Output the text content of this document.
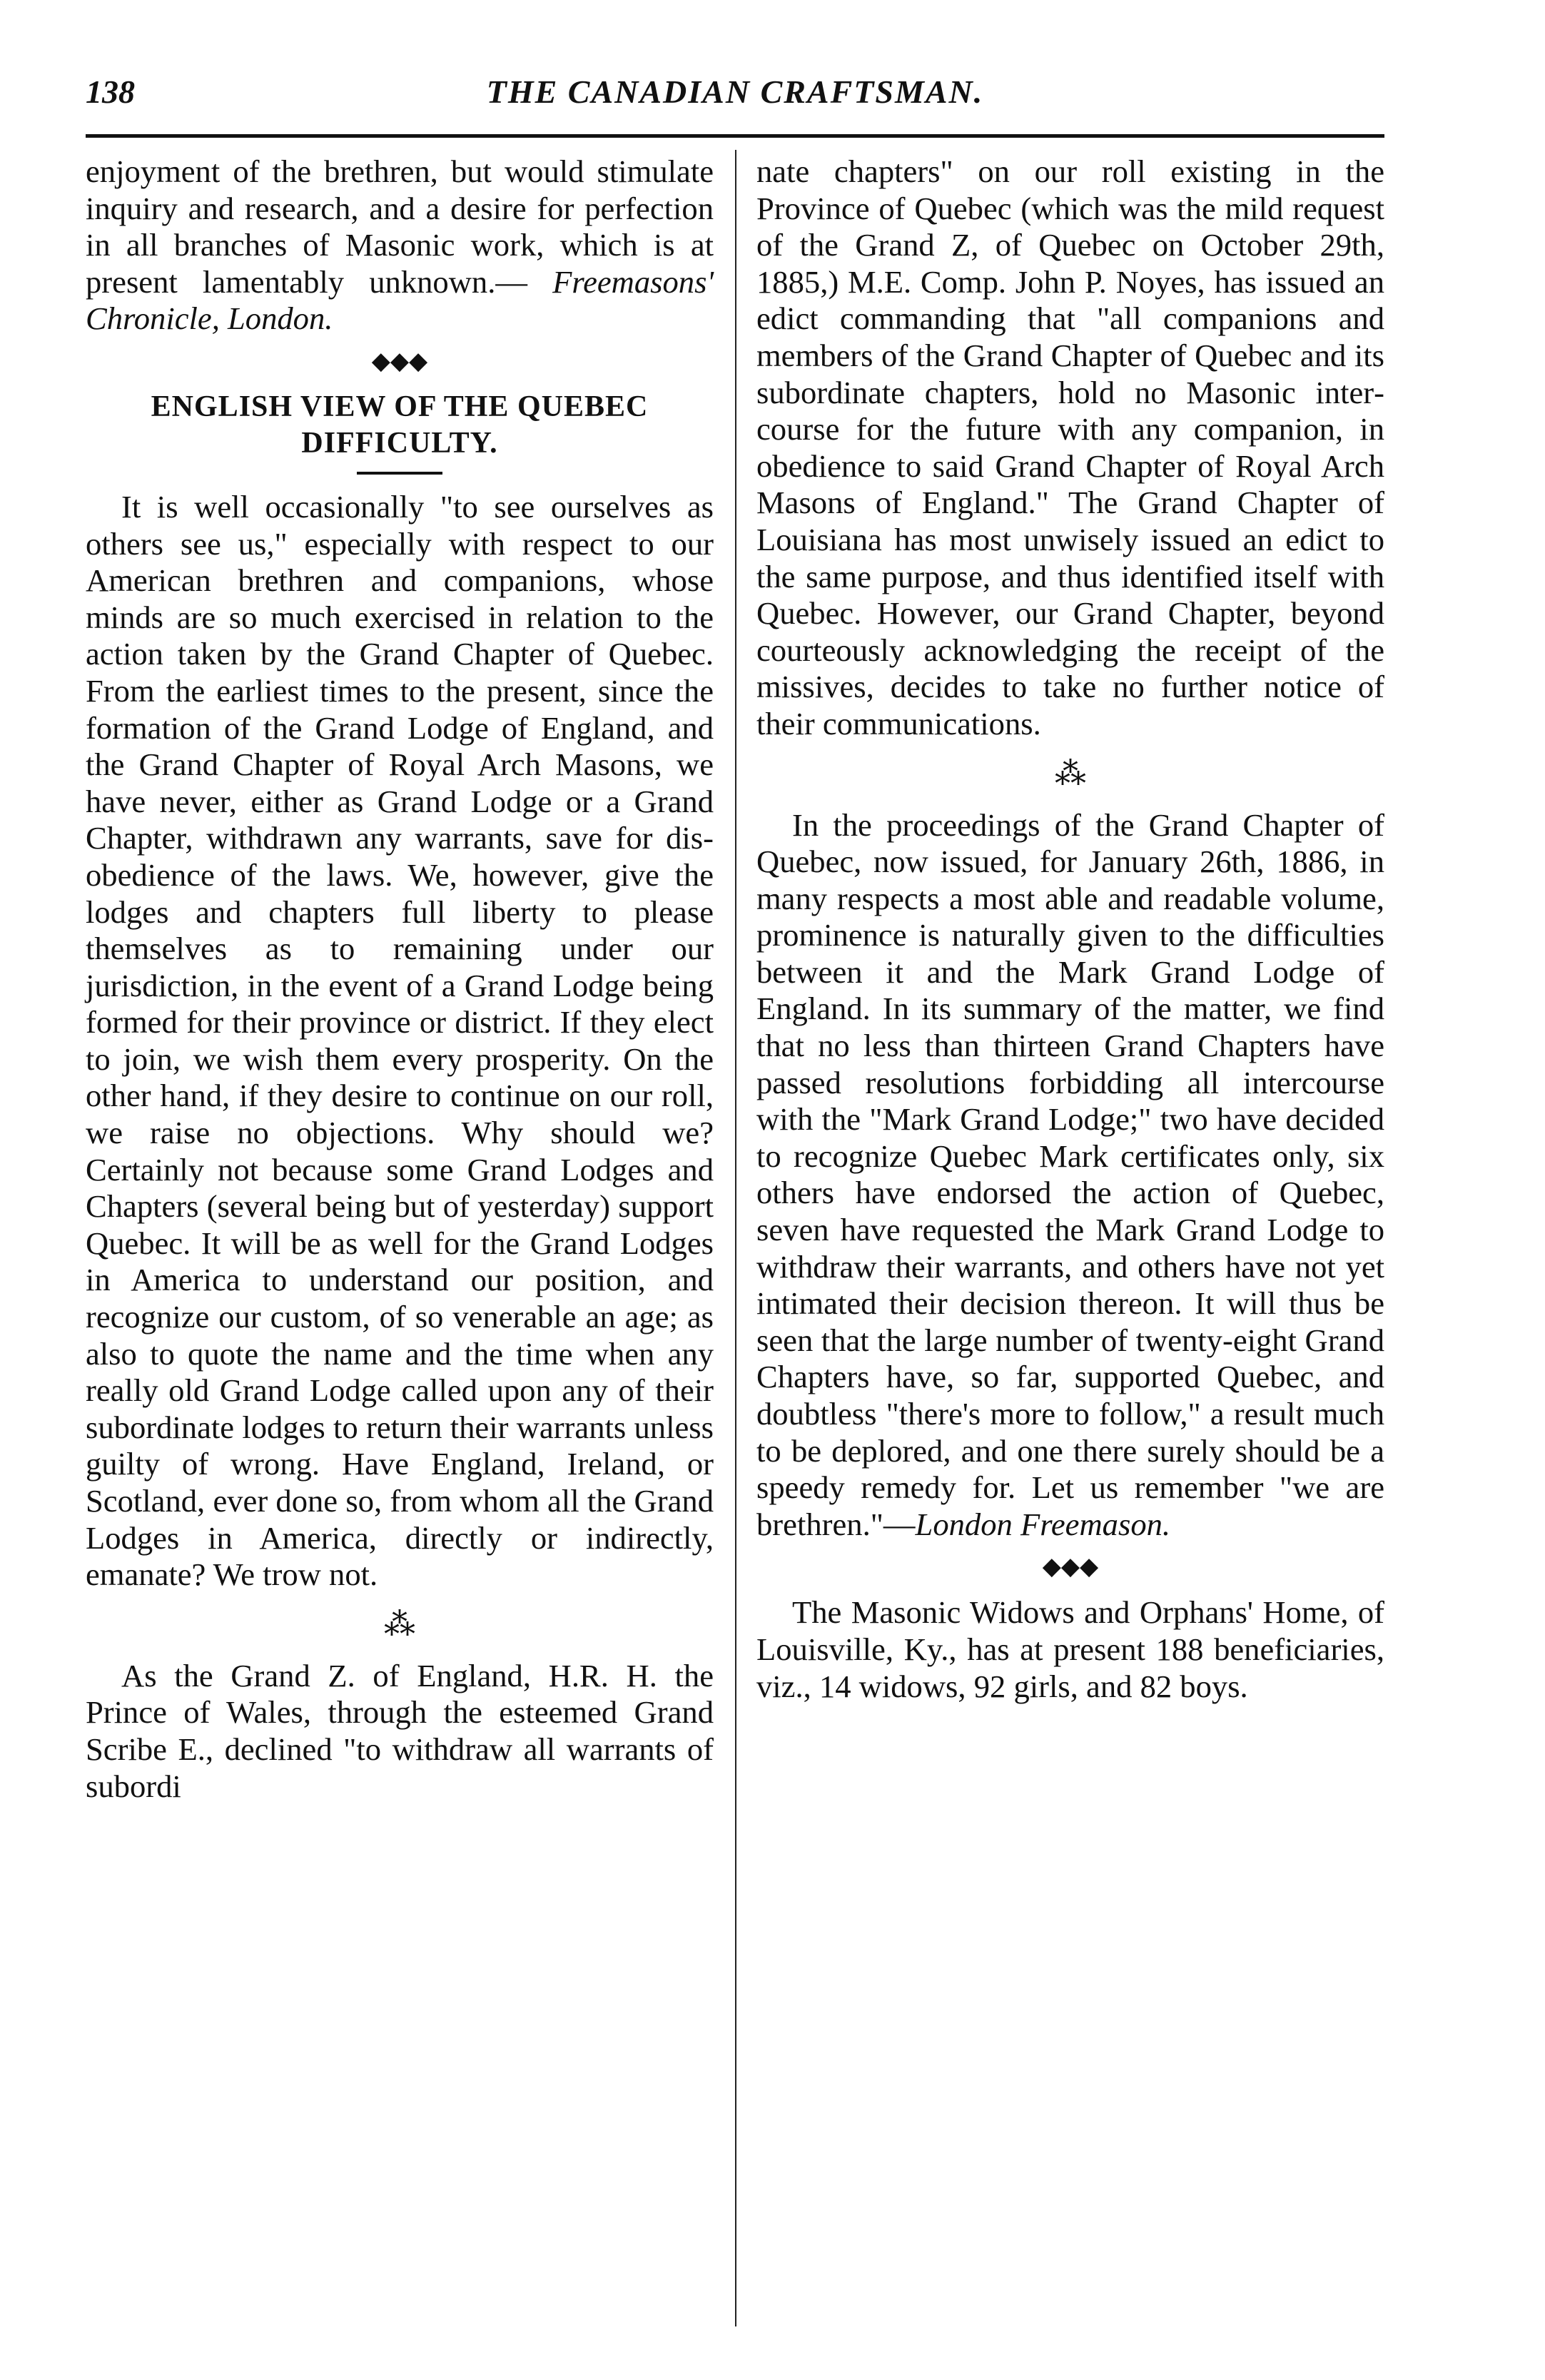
138	THE CANADIAN CRAFTSMAN.

enjoyment of the brethren, but would stimulate inquiry and research, and a desire for perfection in all branches of Masonic work, which is at present lamentably unknown.— Freemasons' Chronicle, London.

◆◆◆
ENGLISH VIEW OF THE QUEBEC DIFFICULTY.

It is well occasionally "to see ourselves as others see us," especially with respect to our American brethren and companions, whose minds are so much exercised in relation to the action taken by the Grand Chapter of Quebec. From the earliest times to the present, since the formation of the Grand Lodge of England, and the Grand Chapter of Royal Arch Masons, we have never, either as Grand Lodge or a Grand Chapter, withdrawn any warrants, save for disobedience of the laws. We, however, give the lodges and chapters full liberty to please themselves as to remaining under our jurisdiction, in the event of a Grand Lodge being formed for their province or district. If they elect to join, we wish them every prosperity. On the other hand, if they desire to continue on our roll, we raise no objections. Why should we? Certainly not because some Grand Lodges and Chapters (several being but of yesterday) support Quebec. It will be as well for the Grand Lodges in America to understand our position, and recognize our custom, of so venerable an age; as also to quote the name and the time when any really old Grand Lodge called upon any of their subordinate lodges to return their warrants unless guilty of wrong. Have England, Ireland, or Scotland, ever done so, from whom all the Grand Lodges in America, directly or indirectly, emanate? We trow not.

⁂

As the Grand Z. of England, H.R. H. the Prince of Wales, through the esteemed Grand Scribe E., declined "to withdraw all warrants of subordi

nate chapters" on our roll existing in the Province of Quebec (which was the mild request of the Grand Z, of Quebec on October 29th, 1885,) M.E. Comp. John P. Noyes, has issued an edict commanding that "all companions and members of the Grand Chapter of Quebec and its subordinate chapters, hold no Masonic intercourse for the future with any companion, in obedience to said Grand Chapter of Royal Arch Masons of England." The Grand Chapter of Louisiana has most unwisely issued an edict to the same purpose, and thus identified itself with Quebec. However, our Grand Chapter, beyond courteously acknowledging the receipt of the missives, decides to take no further notice of their communications.

⁂

In the proceedings of the Grand Chapter of Quebec, now issued, for January 26th, 1886, in many respects a most able and readable volume, prominence is naturally given to the difficulties between it and the Mark Grand Lodge of England. In its summary of the matter, we find that no less than thirteen Grand Chapters have passed resolutions forbidding all intercourse with the "Mark Grand Lodge;" two have decided to recognize Quebec Mark certificates only, six others have endorsed the action of Quebec, seven have requested the Mark Grand Lodge to withdraw their warrants, and others have not yet intimated their decision thereon. It will thus be seen that the large number of twenty-eight Grand Chapters have, so far, supported Quebec, and doubtless "there's more to follow," a result much to be deplored, and one there surely should be a speedy remedy for. Let us remember "we are brethren."—London Freemason.

◆◆◆

The Masonic Widows and Orphans' Home, of Louisville, Ky., has at present 188 beneficiaries, viz., 14 widows, 92 girls, and 82 boys.
